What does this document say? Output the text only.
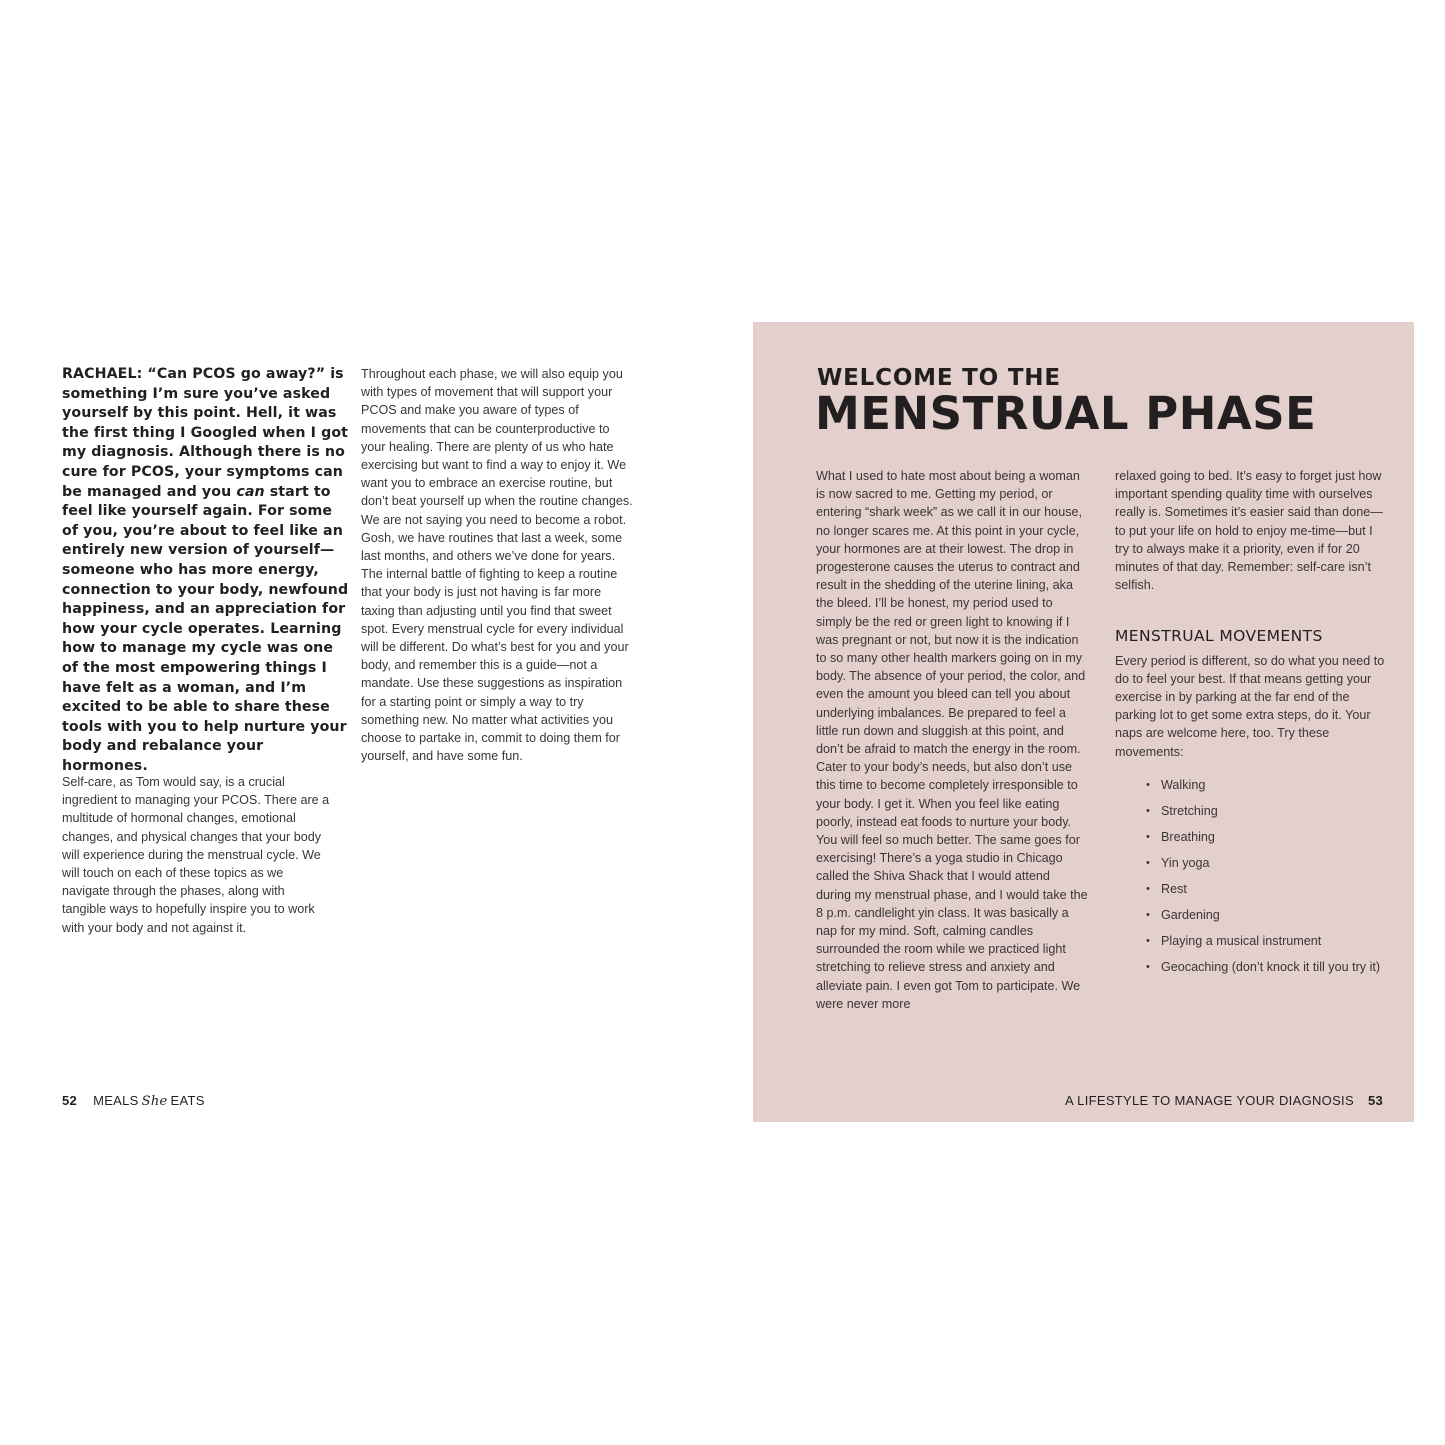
RACHAEL: “Can PCOS go away?” is something I’m sure you’ve asked yourself by this point. Hell, it was the first thing I Googled when I got my diagnosis. Although there is no cure for PCOS, your symptoms can be managed and you can start to feel like yourself again. For some of you, you’re about to feel like an entirely new version of yourself—someone who has more energy, connection to your body, newfound happiness, and an appreciation for how your cycle operates. Learning how to manage my cycle was one of the most empowering things I have felt as a woman, and I’m excited to be able to share these tools with you to help nurture your body and rebalance your hormones.

Self-care, as Tom would say, is a crucial ingredient to managing your PCOS. There are a multitude of hormonal changes, emotional changes, and physical changes that your body will experience during the menstrual cycle. We will touch on each of these topics as we navigate through the phases, along with tangible ways to hopefully inspire you to work with your body and not against it.

Throughout each phase, we will also equip you with types of movement that will support your PCOS and make you aware of types of movements that can be counterproductive to your healing. There are plenty of us who hate exercising but want to find a way to enjoy it. We want you to embrace an exercise routine, but don’t beat yourself up when the routine changes. We are not saying you need to become a robot. Gosh, we have routines that last a week, some last months, and others we’ve done for years. The internal battle of fighting to keep a routine that your body is just not having is far more taxing than adjusting until you find that sweet spot. Every menstrual cycle for every individual will be different. Do what’s best for you and your body, and remember this is a guide—not a mandate. Use these suggestions as inspiration for a starting point or simply a way to try something new. No matter what activities you choose to partake in, commit to doing them for yourself, and have some fun.

52 MEALS She EATS
WELCOME TO THE
MENSTRUAL PHASE

What I used to hate most about being a woman is now sacred to me. Getting my period, or entering “shark week” as we call it in our house, no longer scares me. At this point in your cycle, your hormones are at their lowest. The drop in progesterone causes the uterus to contract and result in the shedding of the uterine lining, aka the bleed. I’ll be honest, my period used to simply be the red or green light to knowing if I was pregnant or not, but now it is the indication to so many other health markers going on in my body. The absence of your period, the color, and even the amount you bleed can tell you about underlying imbalances. Be prepared to feel a little run down and sluggish at this point, and don’t be afraid to match the energy in the room. Cater to your body’s needs, but also don’t use this time to become completely irresponsible to your body. I get it. When you feel like eating poorly, instead eat foods to nurture your body. You will feel so much better. The same goes for exercising! There’s a yoga studio in Chicago called the Shiva Shack that I would attend during my menstrual phase, and I would take the 8 p.m. candlelight yin class. It was basically a nap for my mind. Soft, calming candles surrounded the room while we practiced light stretching to relieve stress and anxiety and alleviate pain. I even got Tom to participate. We were never more

relaxed going to bed. It’s easy to forget just how important spending quality time with ourselves really is. Sometimes it’s easier said than done—to put your life on hold to enjoy me-time—but I try to always make it a priority, even if for 20 minutes of that day. Remember: self-care isn’t selfish.

MENSTRUAL MOVEMENTS

Every period is different, so do what you need to do to feel your best. If that means getting your exercise in by parking at the far end of the parking lot to get some extra steps, do it. Your naps are welcome here, too. Try these movements:

• Walking
• Stretching
• Breathing
• Yin yoga
• Rest
• Gardening
• Playing a musical instrument
• Geocaching (don’t knock it till you try it)
A LIFESTYLE TO MANAGE YOUR DIAGNOSIS 53
